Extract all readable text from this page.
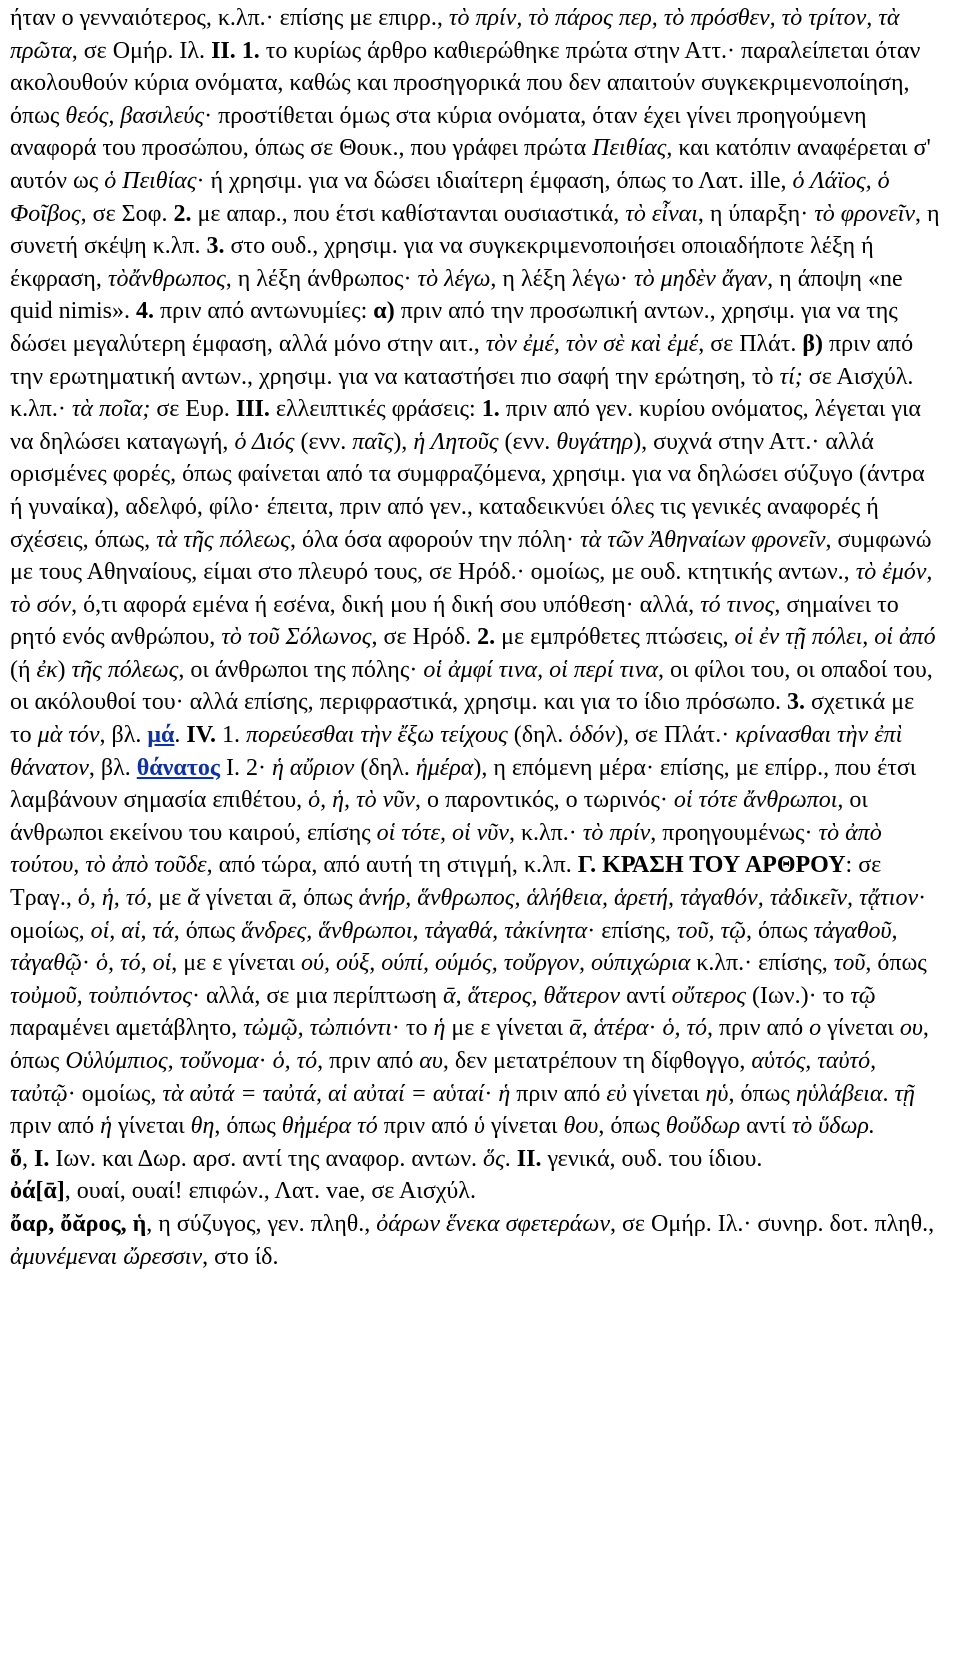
ήταν ο γενναιότερος, κ.λπ.· επίσης με επιρρ., τὸ πρίν, τὸ πάρος περ, τὸ πρόσθεν, τὸ τρίτον, τὰ πρῶτα, σε Ομήρ. Ιλ. II. 1. το κυρίως άρθρο καθιερώθηκε πρώτα στην Αττ.· παραλείπεται όταν ακολουθούν κύρια ονόματα, καθώς και προσηγορικά που δεν απαιτούν συγκεκριμενοποίηση, όπως θεός, βασιλεύς· προστίθεται όμως στα κύρια ονόματα, όταν έχει γίνει προηγούμενη αναφορά του προσώπου, όπως σε Θουκ., που γράφει πρώτα Πειθίας, και κατόπιν αναφέρεται σ' αυτόν ως ὁ Πειθίας· ή χρησιμ. για να δώσει ιδιαίτερη έμφαση, όπως το Λατ. ille, ὁ Λάϊος, ὁ Φοῖβος, σε Σοφ. 2. με απαρ., που έτσι καθίστανται ουσιαστικά, τὸ εἶναι, η ύπαρξη· τὸ φρονεῖν, η συνετή σκέψη κ.λπ. 3. στο ουδ., χρησιμ. για να συγκεκριμενοποιήσει οποιαδήποτε λέξη ή έκφραση, τὸἄνθρωπος, η λέξη άνθρωπος· τὸ λέγω, η λέξη λέγω· τὸ μηδὲν ἄγαν, η άποψη «ne quid nimis». 4. πριν από αντωνυμίες: α) πριν από την προσωπική αντων., χρησιμ. για να της δώσει μεγαλύτερη έμφαση, αλλά μόνο στην αιτ., τὸν ἐμέ, τὸν σὲ καὶ ἐμέ, σε Πλάτ. β) πριν από την ερωτηματική αντων., χρησιμ. για να καταστήσει πιο σαφή την ερώτηση, τὸ τί; σε Αισχύλ. κ.λπ.· τὰ ποῖα; σε Ευρ. III. ελλειπτικές φράσεις: 1. πριν από γεν. κυρίου ονόματος, λέγεται για να δηλώσει καταγωγή, ὁ Διός (ενν. παῖς), ἡ Λητοῦς (ενν. θυγάτηρ), συχνά στην Αττ.· αλλά ορισμένες φορές, όπως φαίνεται από τα συμφραζόμενα, χρησιμ. για να δηλώσει σύζυγο (άντρα ή γυναίκα), αδελφό, φίλο· έπειτα, πριν από γεν., καταδεικνύει όλες τις γενικές αναφορές ή σχέσεις, όπως, τὰ τῆς πόλεως, όλα όσα αφορούν την πόλη· τὰ τῶν Ἀθηναίων φρονεῖν, συμφωνώ με τους Αθηναίους, είμαι στο πλευρό τους, σε Ηρόδ.· ομοίως, με ουδ. κτητικής αντων., τὸ ἐμόν, τὸ σόν, ό,τι αφορά εμένα ή εσένα, δική μου ή δική σου υπόθεση· αλλά, τό τινος, σημαίνει το ρητό ενός ανθρώπου, τὸ τοῦ Σόλωνος, σε Ηρόδ. 2. με εμπρόθετες πτώσεις, οἱ ἐν τῇ πόλει, οἱ ἀπό (ή ἐκ) τῆς πόλεως, οι άνθρωποι της πόλης· οἱ ἀμφί τινα, οἱ περί τινα, οι φίλοι του, οι οπαδοί του, οι ακόλουθοί του· αλλά επίσης, περιφραστικά, χρησιμ. και για το ίδιο πρόσωπο. 3. σχετικά με το μὰ τόν, βλ. μά. IV. 1. πορεύεσθαι τὴν ἔξω τείχους (δηλ. ὁδόν), σε Πλάτ.· κρίνασθαι τὴν ἐπὶ θάνατον, βλ. θάνατος I. 2· ἡ αὔριον (δηλ. ἡμέρα), η επόμενη μέρα· επίσης, με επίρρ., που έτσι λαμβάνουν σημασία επιθέτου, ὁ, ἡ, τὸ νῦν, ο παροντικός, ο τωρινός· οἱ τότε ἄνθρωποι, οι άνθρωποι εκείνου του καιρού, επίσης οἱ τότε, οἱ νῦν, κ.λπ.· τὸ πρίν, προηγουμένως· τὸ ἀπὸ τούτου, τὸ ἀπὸ τοῦδε, από τώρα, από αυτή τη στιγμή, κ.λπ. Γ. ΚΡΑΣΗ ΤΟΥ ΑΡΘΡΟΥ: σε Τραγ., ὁ, ἡ, τό, με ᾰ γίνεται ᾱ, όπως ἁνήρ, ἅνθρωπος, ἁλήθεια, ἁρετή, τἀγαθόν, τἀδικεῖν, τᾄτιον· ομοίως, οἱ, αἱ, τά, όπως ἅνδρες, ἅνθρωποι, τἀγαθά, τἀκίνητα· επίσης, τοῦ, τῷ, όπως τἀγαθοῦ, τἀγαθῷ· ὁ, τό, οἱ, με ε γίνεται ού, ούξ, ούπί, ούμός, τοὔργον, ούπιχώρια κ.λπ.· επίσης, τοῦ, όπως τοὐμοῦ, τοὐπιόντος· αλλά, σε μια περίπτωση ᾱ, ἅτερος, θἄτερον αντί οὔτερος (Ιων.)· το τῷ παραμένει αμετάβλητο, τὠμῷ, τὠπιόντι· το ἡ με ε γίνεται ᾱ, ἁτέρα· ὁ, τό, πριν από ο γίνεται ου, όπως Οὑλύμπιος, τοὔνομα· ὁ, τό, πριν από αυ, δεν μετατρέπουν τη δίφθογγο, αὑτός, ταὐτό, ταὐτῷ· ομοίως, τὰ αὐτά = ταὐτά, αἱ αὐταί = αὑταί· ἡ πριν από εὐ γίνεται ηὑ, όπως ηὑλάβεια. τῇ πριν από ἡ γίνεται θη, όπως θἠμέρα τό πριν από ὑ γίνεται θου, όπως θοὔδωρ αντί τὸ ὕδωρ.

ὅ, I. Ιων. και Δωρ. αρσ. αντί της αναφορ. αντων. ὅς. II. γενικά, ουδ. του ίδιου.

ὀά[ᾱ], ουαί, ουαί! επιφών., Λατ. vae, σε Αισχύλ.

ὄαρ, ὄᾰρος, ἡ, η σύζυγος, γεν. πληθ., ὀάρων ἕνεκα σφετεράων, σε Ομήρ. Ιλ.· συνηρ. δοτ. πληθ., ἀμυνέμεναι ὤρεσσιν, στο ίδ.
